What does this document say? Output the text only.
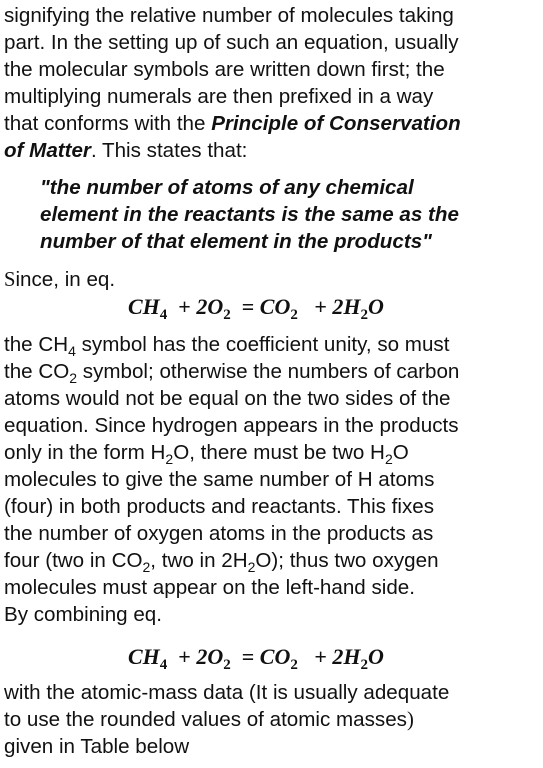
signifying the relative number of molecules taking
part. In the setting up of such an equation, usually
the molecular symbols are written down first; the
multiplying numerals are then prefixed in a way
that conforms with the Principle of Conservation
of Matter. This states that:
"the number of atoms of any chemical
element in the reactants is the same as the
number of that element in the products"
Since, in eq.
$CH_4 + 2O_2 = CO_2 + 2H_2O$
the $CH_4$ symbol has the coefficient unity, so must
the $CO_2$ symbol; otherwise the numbers of carbon
atoms would not be equal on the two sides of the
equation. Since hydrogen appears in the products
only in the form $H_2O$, there must be two $H_2O$
molecules to give the same number of H atoms
(four) in both products and reactants. This fixes
the number of oxygen atoms in the products as
four (two in $CO_2$, two in $2H_2O$); thus two oxygen
molecules must appear on the left-hand side.
By combining eq.
$CH_4 + 2O_2 = CO_2 + 2H_2O$
with the atomic-mass data (It is usually adequate
to use the rounded values of atomic masses)
given in Table below
